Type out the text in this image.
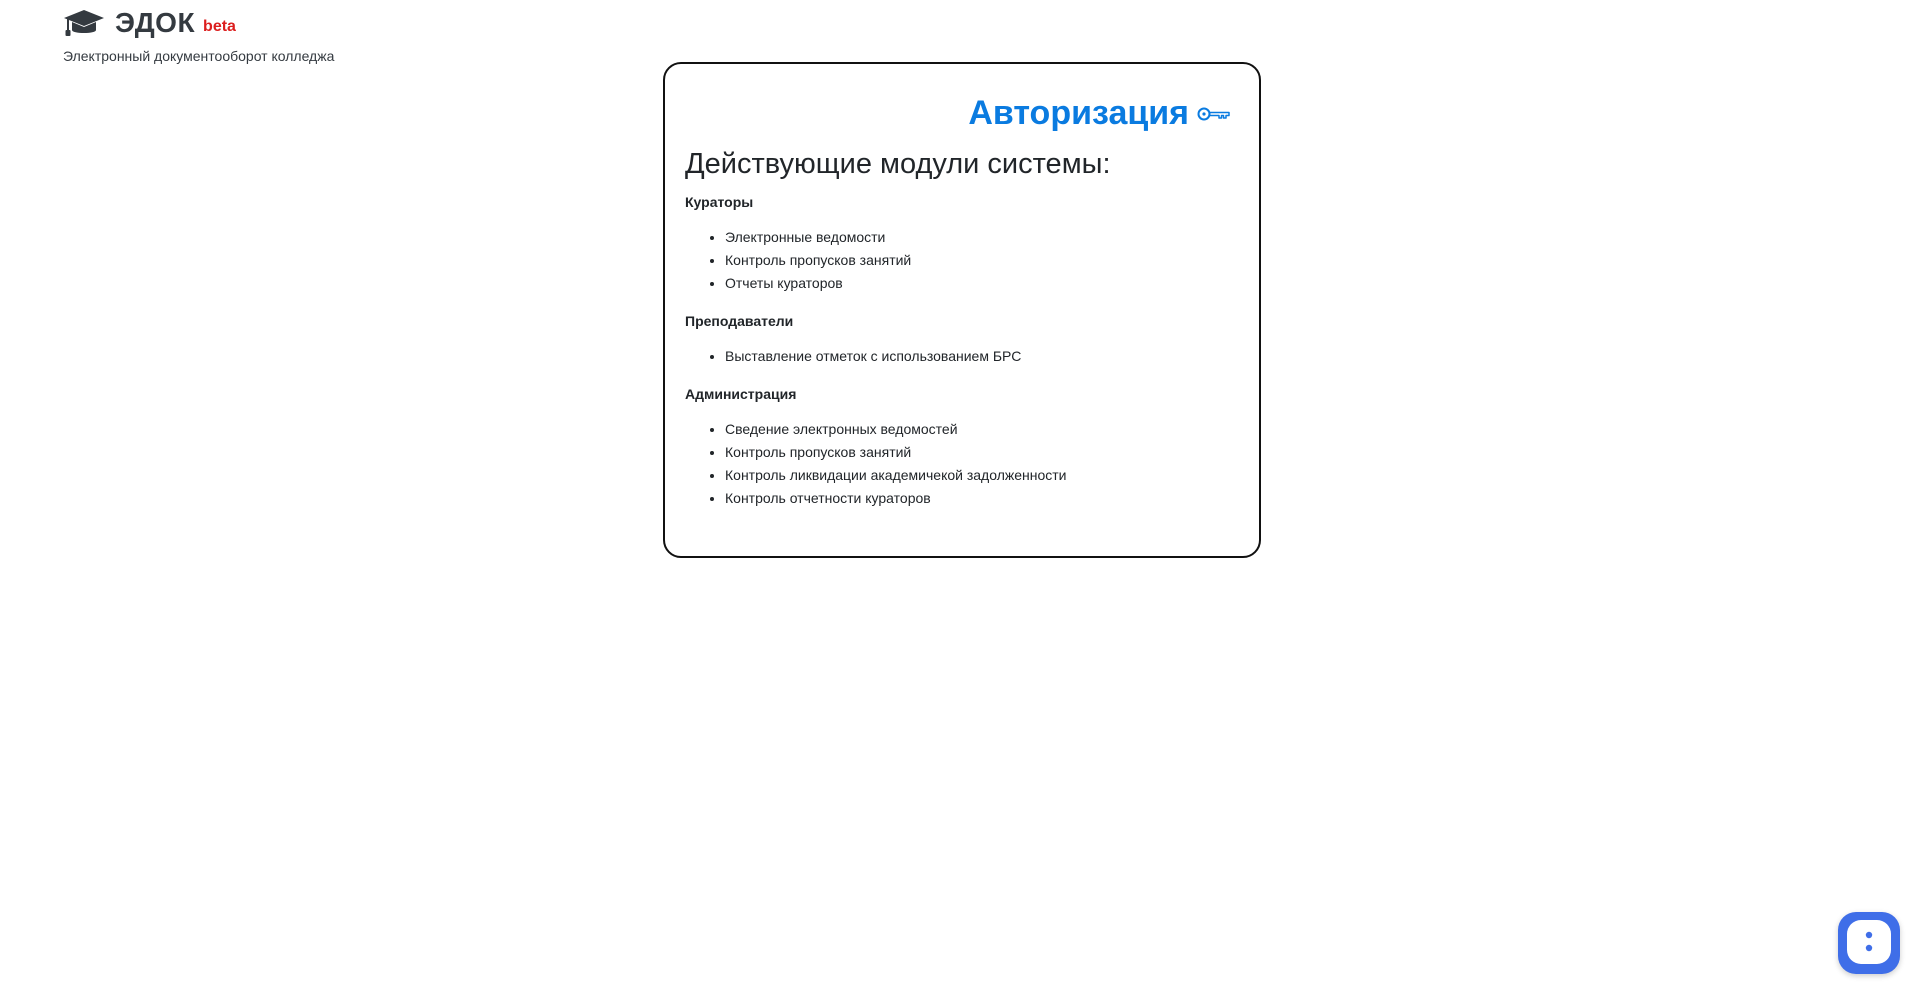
ЭДОК beta
Электронный документооборот колледжа
Авторизация
Действующие модули системы:

Кураторы

• Электронные ведомости
• Контроль пропусков занятий
• Отчеты кураторов

Преподаватели

• Выставление отметок с использованием БРС

Администрация

• Сведение электронных ведомостей
• Контроль пропусков занятий
• Контроль ликвидации академичекой задолженности
• Контроль отчетности кураторов
